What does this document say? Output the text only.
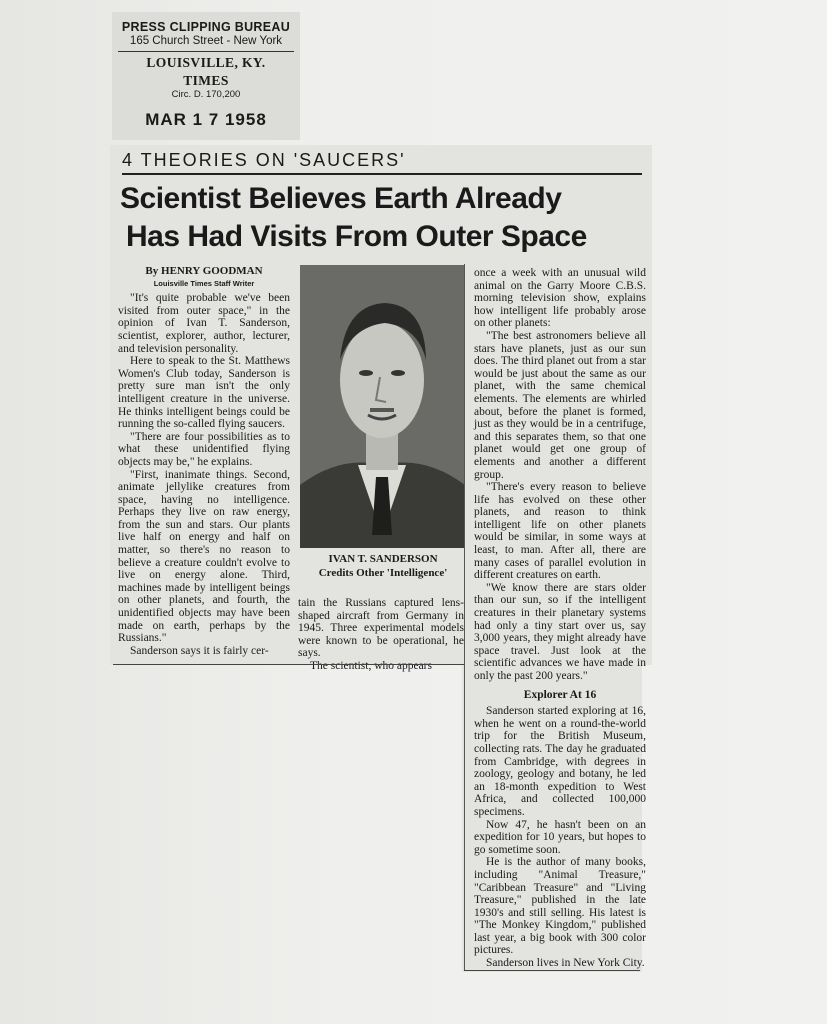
PRESS CLIPPING BUREAU
165 Church Street - New York
LOUISVILLE, KY.
TIMES
Circ. D. 170,200
MAR 1 7 1958
4 THEORIES ON 'SAUCERS'
Scientist Believes Earth Already
Has Had Visits From Outer Space

By HENRY GOODMAN

Louisville Times Staff Writer

"It's quite probable we've been visited from outer space," in the opinion of Ivan T. Sanderson, scientist, explorer, author, lecturer, and television personality.

Here to speak to the St. Matthews Women's Club today, Sanderson is pretty sure man isn't the only intelligent creature in the universe. He thinks intelligent beings could be running the so-called flying saucers.

"There are four possibilities as to what these unidentified flying objects may be," he explains.

"First, inanimate things. Second, animate jellylike creatures from space, having no intelligence. Perhaps they live on raw energy, from the sun and stars. Our plants live half on energy and half on matter, so there's no reason to believe a creature couldn't evolve to live on energy alone. Third, machines made by intelligent beings on other planets, and fourth, the unidentified objects may have been made on earth, perhaps by the Russians."

Sanderson says it is fairly cer-

IVAN T. SANDERSON
Credits Other 'Intelligence'

tain the Russians captured lens-shaped aircraft from Germany in 1945. Three experimental models were known to be operational, he says.

The scientist, who appears

once a week with an unusual wild animal on the Garry Moore C.B.S. morning television show, explains how intelligent life probably arose on other planets:

"The best astronomers believe all stars have planets, just as our sun does. The third planet out from a star would be just about the same as our planet, with the same chemical elements. The elements are whirled about, before the planet is formed, just as they would be in a centrifuge, and this separates them, so that one planet would get one group of elements and another a different group.

"There's every reason to believe life has evolved on these other planets, and reason to think intelligent life on other planets would be similar, in some ways at least, to man. After all, there are many cases of parallel evolution in different creatures on earth.

"We know there are stars older than our sun, so if the intelligent creatures in their planetary systems had only a tiny start over us, say 3,000 years, they might already have space travel. Just look at the scientific advances we have made in only the past 200 years."

Explorer At 16

Sanderson started exploring at 16, when he went on a round-the-world trip for the British Museum, collecting rats. The day he graduated from Cambridge, with degrees in zoology, geology and botany, he led an 18-month expedition to West Africa, and collected 100,000 specimens.

Now 47, he hasn't been on an expedition for 10 years, but hopes to go sometime soon.

He is the author of many books, including "Animal Treasure," "Caribbean Treasure" and "Living Treasure," published in the late 1930's and still selling. His latest is "The Monkey Kingdom," published last year, a big book with 300 color pictures.

Sanderson lives in New York City.
